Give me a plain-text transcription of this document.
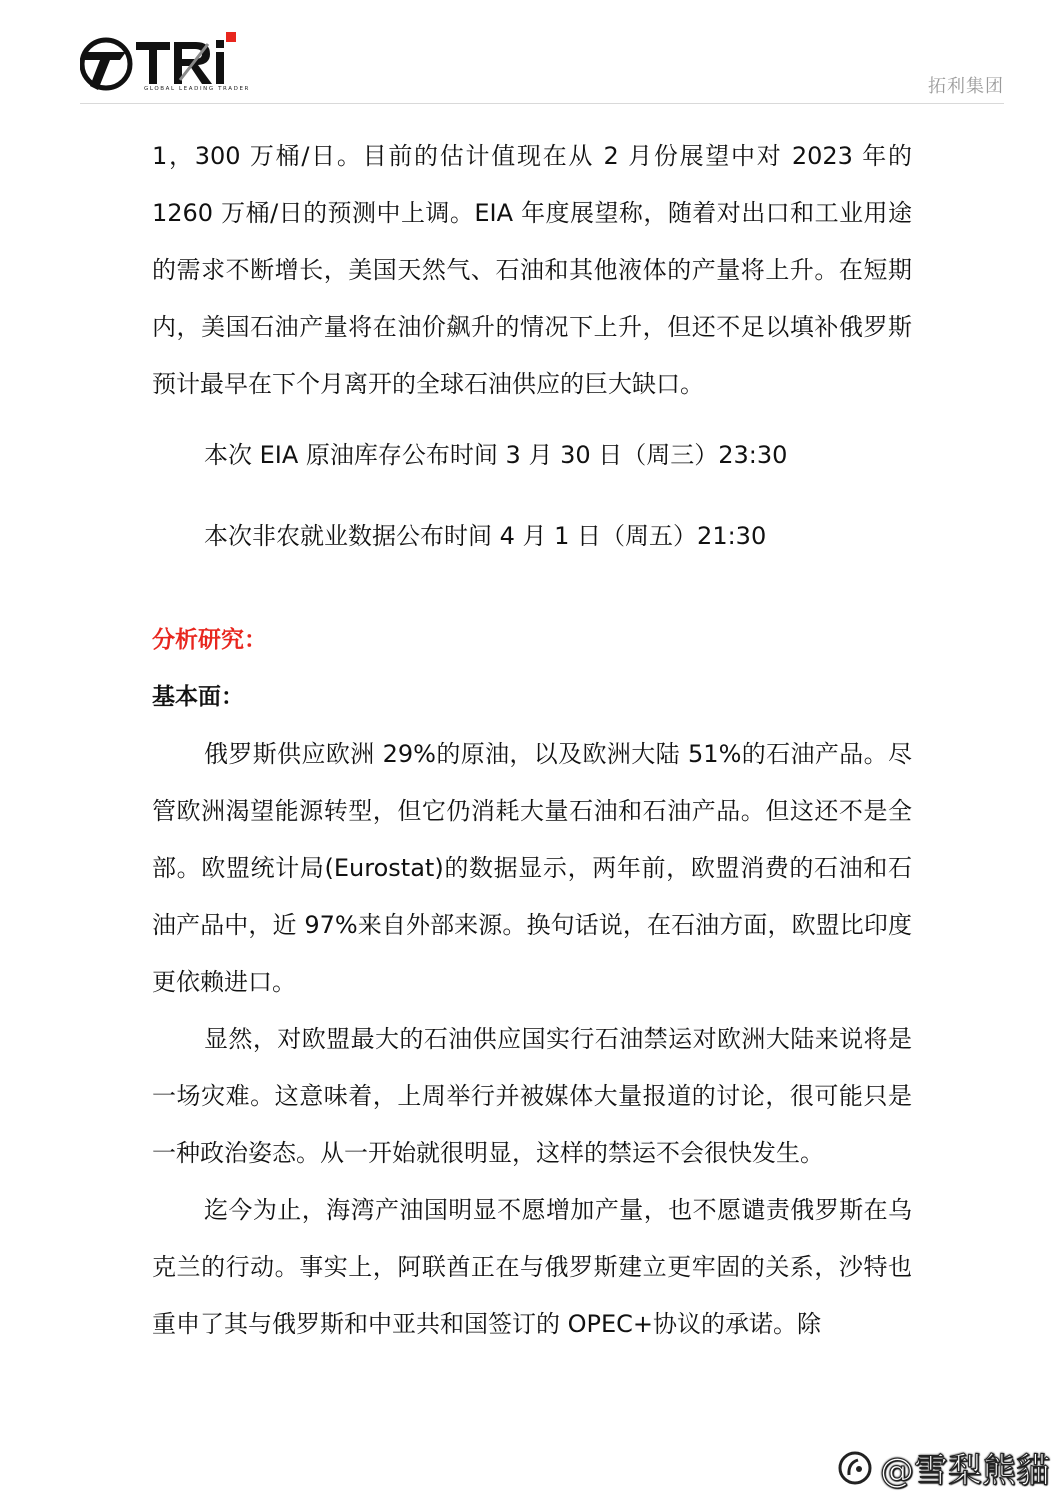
GLOBAL LEADING TRADER	拓利集团

1，300 万桶/日。目前的估计值现在从 2 月份展望中对 2023 年的 1260 万桶/日的预测中上调。EIA 年度展望称，随着对出口和工业用途的需求不断增长，美国天然气、石油和其他液体的产量将上升。在短期内，美国石油产量将在油价飙升的情况下上升，但还不足以填补俄罗斯预计最早在下个月离开的全球石油供应的巨大缺口。

本次 EIA 原油库存公布时间 3 月 30 日（周三）23:30

本次非农就业数据公布时间 4 月 1 日（周五）21:30

分析研究：

基本面：

俄罗斯供应欧洲 29%的原油，以及欧洲大陆 51%的石油产品。尽管欧洲渴望能源转型，但它仍消耗大量石油和石油产品。但这还不是全部。欧盟统计局(Eurostat)的数据显示，两年前，欧盟消费的石油和石油产品中，近 97%来自外部来源。换句话说，在石油方面，欧盟比印度更依赖进口。

显然，对欧盟最大的石油供应国实行石油禁运对欧洲大陆来说将是一场灾难。这意味着，上周举行并被媒体大量报道的讨论，很可能只是一种政治姿态。从一开始就很明显，这样的禁运不会很快发生。

迄今为止，海湾产油国明显不愿增加产量，也不愿谴责俄罗斯在乌克兰的行动。事实上，阿联酋正在与俄罗斯建立更牢固的关系，沙特也重申了其与俄罗斯和中亚共和国签订的 OPEC+协议的承诺。除

@雪梨熊貓
